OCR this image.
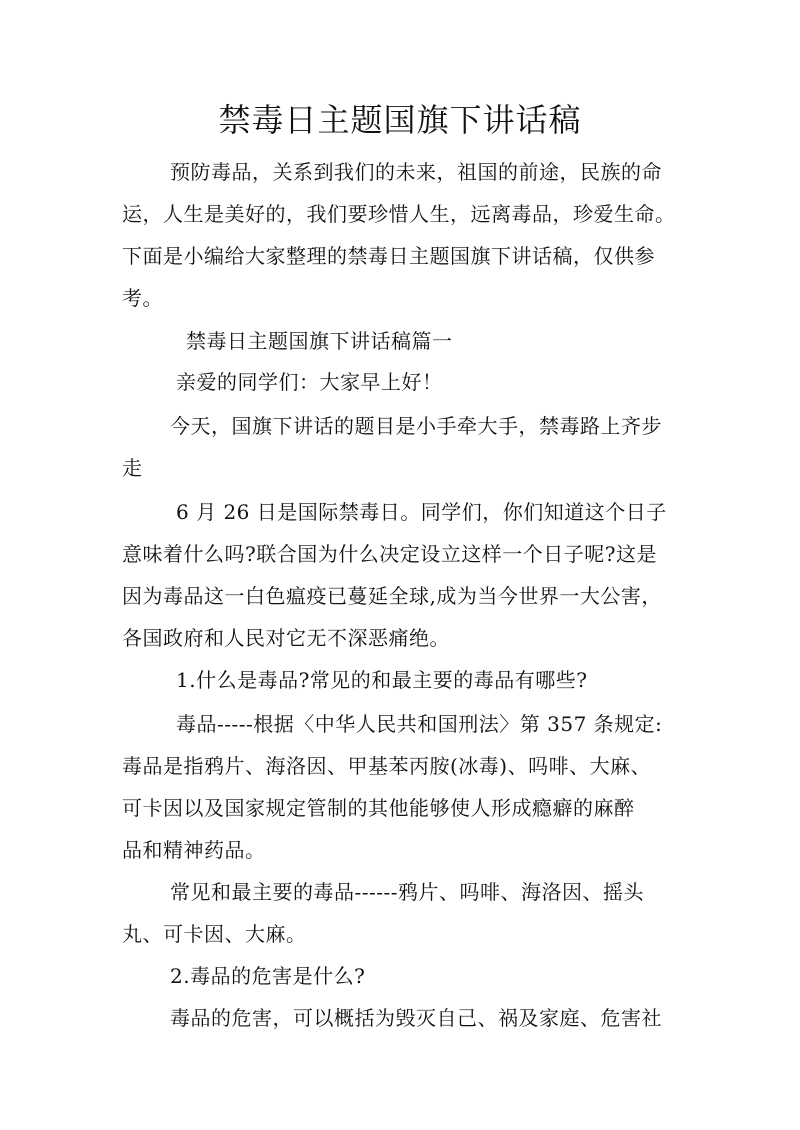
禁毒日主题国旗下讲话稿
预防毒品，关系到我们的未来，祖国的前途，民族的命
运，人生是美好的，我们要珍惜人生，远离毒品，珍爱生命。
下面是小编给大家整理的禁毒日主题国旗下讲话稿，仅供参
考。
禁毒日主题国旗下讲话稿篇一
亲爱的同学们：大家早上好！
今天，国旗下讲话的题目是小手牵大手，禁毒路上齐步
走
6 月 26 日是国际禁毒日。同学们，你们知道这个日子
意味着什么吗?联合国为什么决定设立这样一个日子呢?这是
因为毒品这一白色瘟疫已蔓延全球,成为当今世界一大公害，
各国政府和人民对它无不深恶痛绝。
1.什么是毒品?常见的和最主要的毒品有哪些?
毒品-----根据〈中华人民共和国刑法〉第 357 条规定:
毒品是指鸦片、海洛因、甲基苯丙胺(冰毒)、吗啡、大麻、
可卡因以及国家规定管制的其他能够使人形成瘾癖的麻醉
品和精神药品。
常见和最主要的毒品------鸦片、吗啡、海洛因、摇头
丸、可卡因、大麻。
2.毒品的危害是什么?
毒品的危害，可以概括为毁灭自己、祸及家庭、危害社
